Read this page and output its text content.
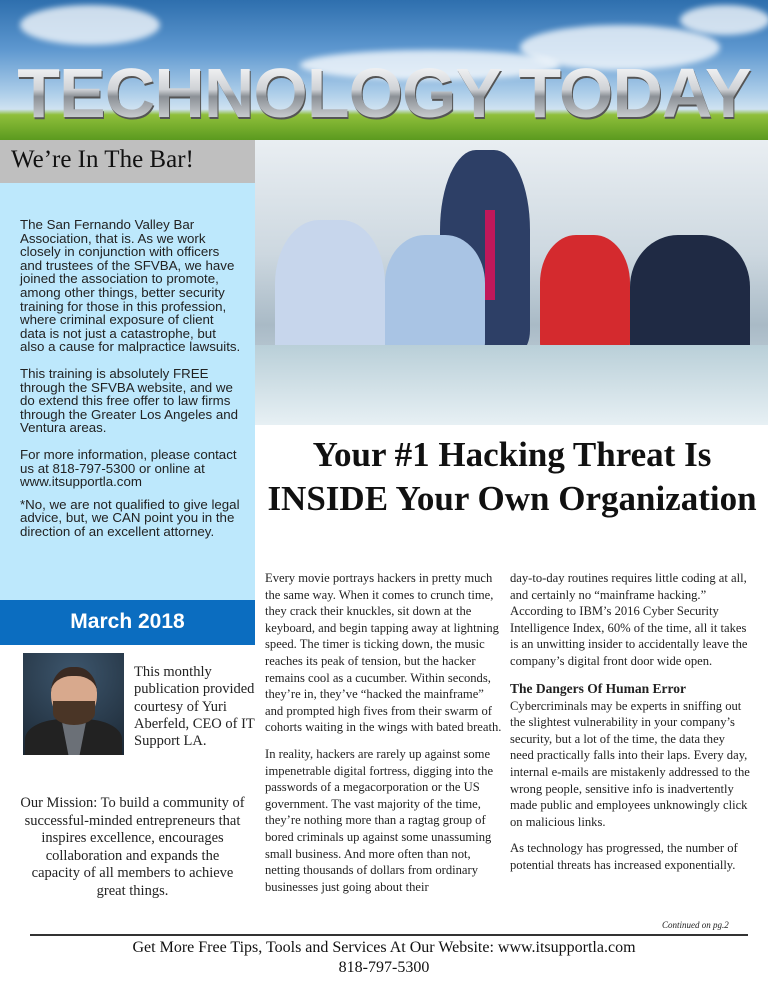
TECHNOLOGY TODAY
We’re In The Bar!

The San Fernando Valley Bar Association, that is. As we work closely in conjunction with officers and trustees of the SFVBA, we have joined the association to promote, among other things, better security training for those in this profession, where criminal exposure of client data is not just a catastrophe, but also a cause for malpractice lawsuits.

This training is absolutely FREE through the SFVBA website, and we do extend this free offer to law firms through the Greater Los Angeles and Ventura areas.

For more information, please contact us at 818-797-5300 or online at www.itsupportla.com

*No, we are not qualified to give legal advice, but, we CAN point you in the direction of an excellent attorney.

March 2018
This monthly publication provided courtesy of Yuri Aberfeld, CEO of IT Support LA.
Our Mission: To build a community of successful-minded entrepreneurs that inspires excellence, encourages collaboration and expands the capacity of all members to achieve great things.
Your #1 Hacking Threat Is INSIDE Your Own Organization

Every movie portrays hackers in pretty much the same way. When it comes to crunch time, they crack their knuckles, sit down at the keyboard, and begin tapping away at lightning speed. The timer is ticking down, the music reaches its peak of tension, but the hacker remains cool as a cucumber. Within seconds, they’re in, they’ve “hacked the mainframe” and prompted high fives from their swarm of cohorts waiting in the wings with bated breath.

In reality, hackers are rarely up against some impenetrable digital fortress, digging into the passwords of a megacorporation or the US government. The vast majority of the time, they’re nothing more than a ragtag group of bored criminals up against some unassuming small business. And more often than not, netting thousands of dollars from ordinary businesses just going about their

day-to-day routines requires little coding at all, and certainly no “mainframe hacking.” According to IBM’s 2016 Cyber Security Intelligence Index, 60% of the time, all it takes is an unwitting insider to accidentally leave the company’s digital front door wide open.

The Dangers Of Human Error

Cybercriminals may be experts in sniffing out the slightest vulnerability in your company’s security, but a lot of the time, the data they need practically falls into their laps. Every day, internal e-mails are mistakenly addressed to the wrong people, sensitive info is inadvertently made public and employees unknowingly click on malicious links.

As technology has progressed, the number of potential threats has increased exponentially.

Continued on pg.2
Get More Free Tips, Tools and Services At Our Website: www.itsupportla.com
818-797-5300
